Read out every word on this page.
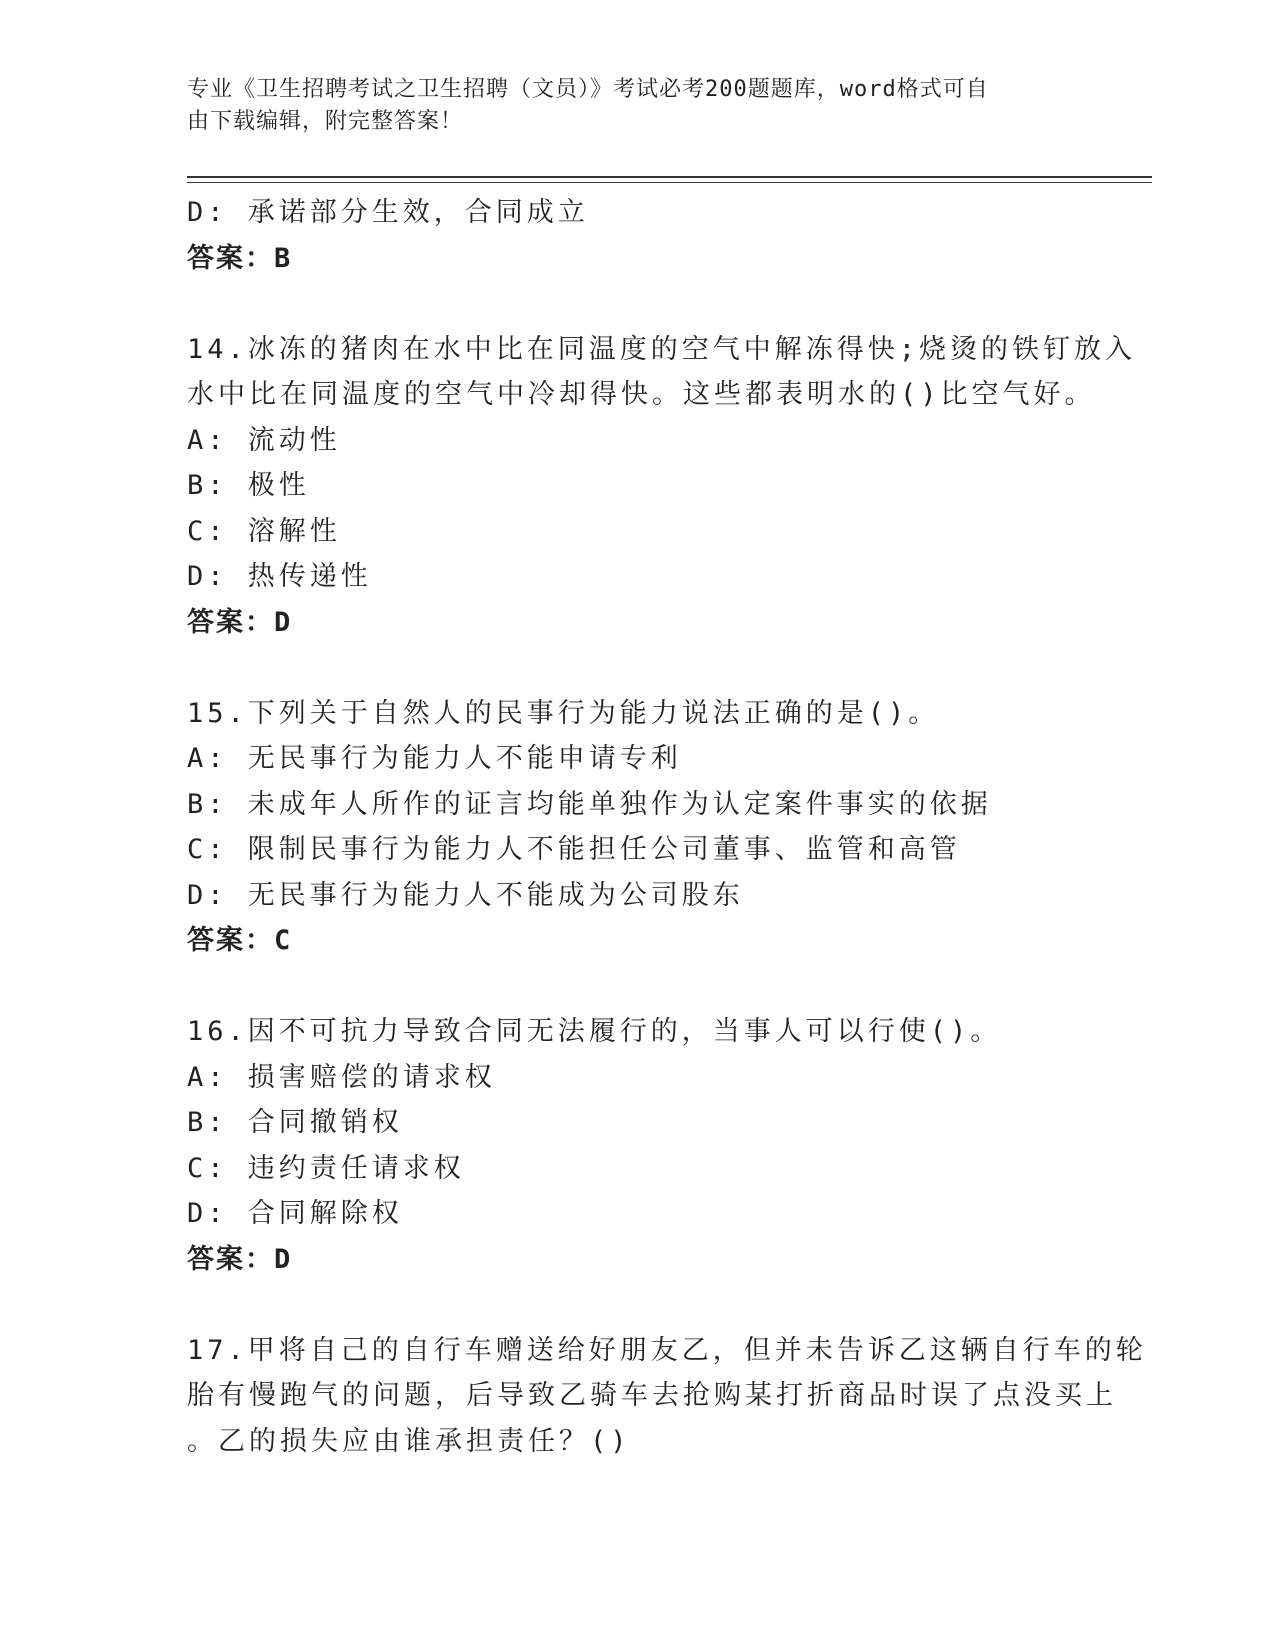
专业《卫生招聘考试之卫生招聘（文员）》考试必考200题题库，word格式可自
由下载编辑，附完整答案！
D: 承诺部分生效，合同成立
答案：B
14.冰冻的猪肉在水中比在同温度的空气中解冻得快;烧烫的铁钉放入
水中比在同温度的空气中冷却得快。这些都表明水的()比空气好。
A: 流动性
B: 极性
C: 溶解性
D: 热传递性
答案：D
15.下列关于自然人的民事行为能力说法正确的是()。
A: 无民事行为能力人不能申请专利
B: 未成年人所作的证言均能单独作为认定案件事实的依据
C: 限制民事行为能力人不能担任公司董事、监管和高管
D: 无民事行为能力人不能成为公司股东
答案：C
16.因不可抗力导致合同无法履行的，当事人可以行使()。
A: 损害赔偿的请求权
B: 合同撤销权
C: 违约责任请求权
D: 合同解除权
答案：D
17.甲将自己的自行车赠送给好朋友乙，但并未告诉乙这辆自行车的轮
胎有慢跑气的问题，后导致乙骑车去抢购某打折商品时误了点没买上
。乙的损失应由谁承担责任？()
